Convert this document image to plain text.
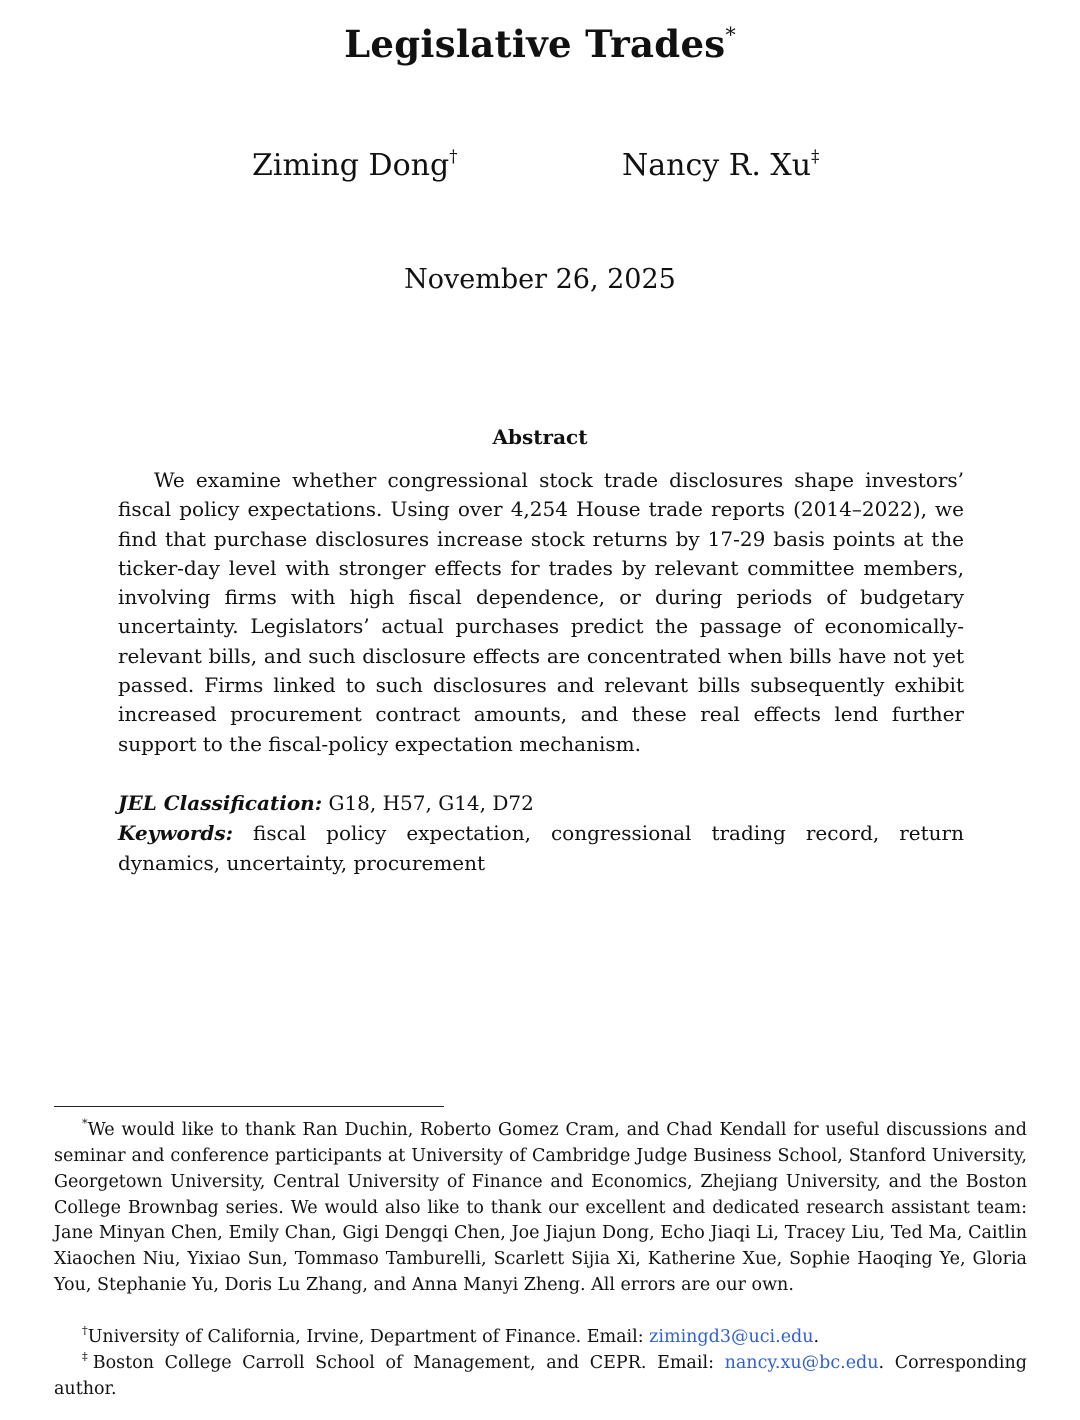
Legislative Trades*
Ziming Dong†	Nancy R. Xu‡
November 26, 2025
Abstract

We examine whether congressional stock trade disclosures shape investors’ fiscal policy expectations. Using over 4,254 House trade reports (2014–2022), we find that purchase disclosures increase stock returns by 17-29 basis points at the ticker-day level with stronger effects for trades by relevant committee members, involving firms with high fiscal dependence, or during periods of budgetary uncertainty. Legislators’ actual purchases predict the passage of economically-relevant bills, and such disclosure effects are concentrated when bills have not yet passed. Firms linked to such disclosures and relevant bills subsequently exhibit increased procurement contract amounts, and these real effects lend further support to the fiscal-policy expectation mechanism.

JEL Classification: G18, H57, G14, D72
Keywords: fiscal policy expectation, congressional trading record, return dynamics, uncertainty, procurement

*We would like to thank Ran Duchin, Roberto Gomez Cram, and Chad Kendall for useful discussions and seminar and conference participants at University of Cambridge Judge Business School, Stanford University, Georgetown University, Central University of Finance and Economics, Zhejiang University, and the Boston College Brownbag series. We would also like to thank our excellent and dedicated research assistant team: Jane Minyan Chen, Emily Chan, Gigi Dengqi Chen, Joe Jiajun Dong, Echo Jiaqi Li, Tracey Liu, Ted Ma, Caitlin Xiaochen Niu, Yixiao Sun, Tommaso Tamburelli, Scarlett Sijia Xi, Katherine Xue, Sophie Haoqing Ye, Gloria You, Stephanie Yu, Doris Lu Zhang, and Anna Manyi Zheng. All errors are our own.

†University of California, Irvine, Department of Finance. Email: zimingd3@uci.edu.

‡Boston College Carroll School of Management, and CEPR. Email: nancy.xu@bc.edu. Corresponding author.
